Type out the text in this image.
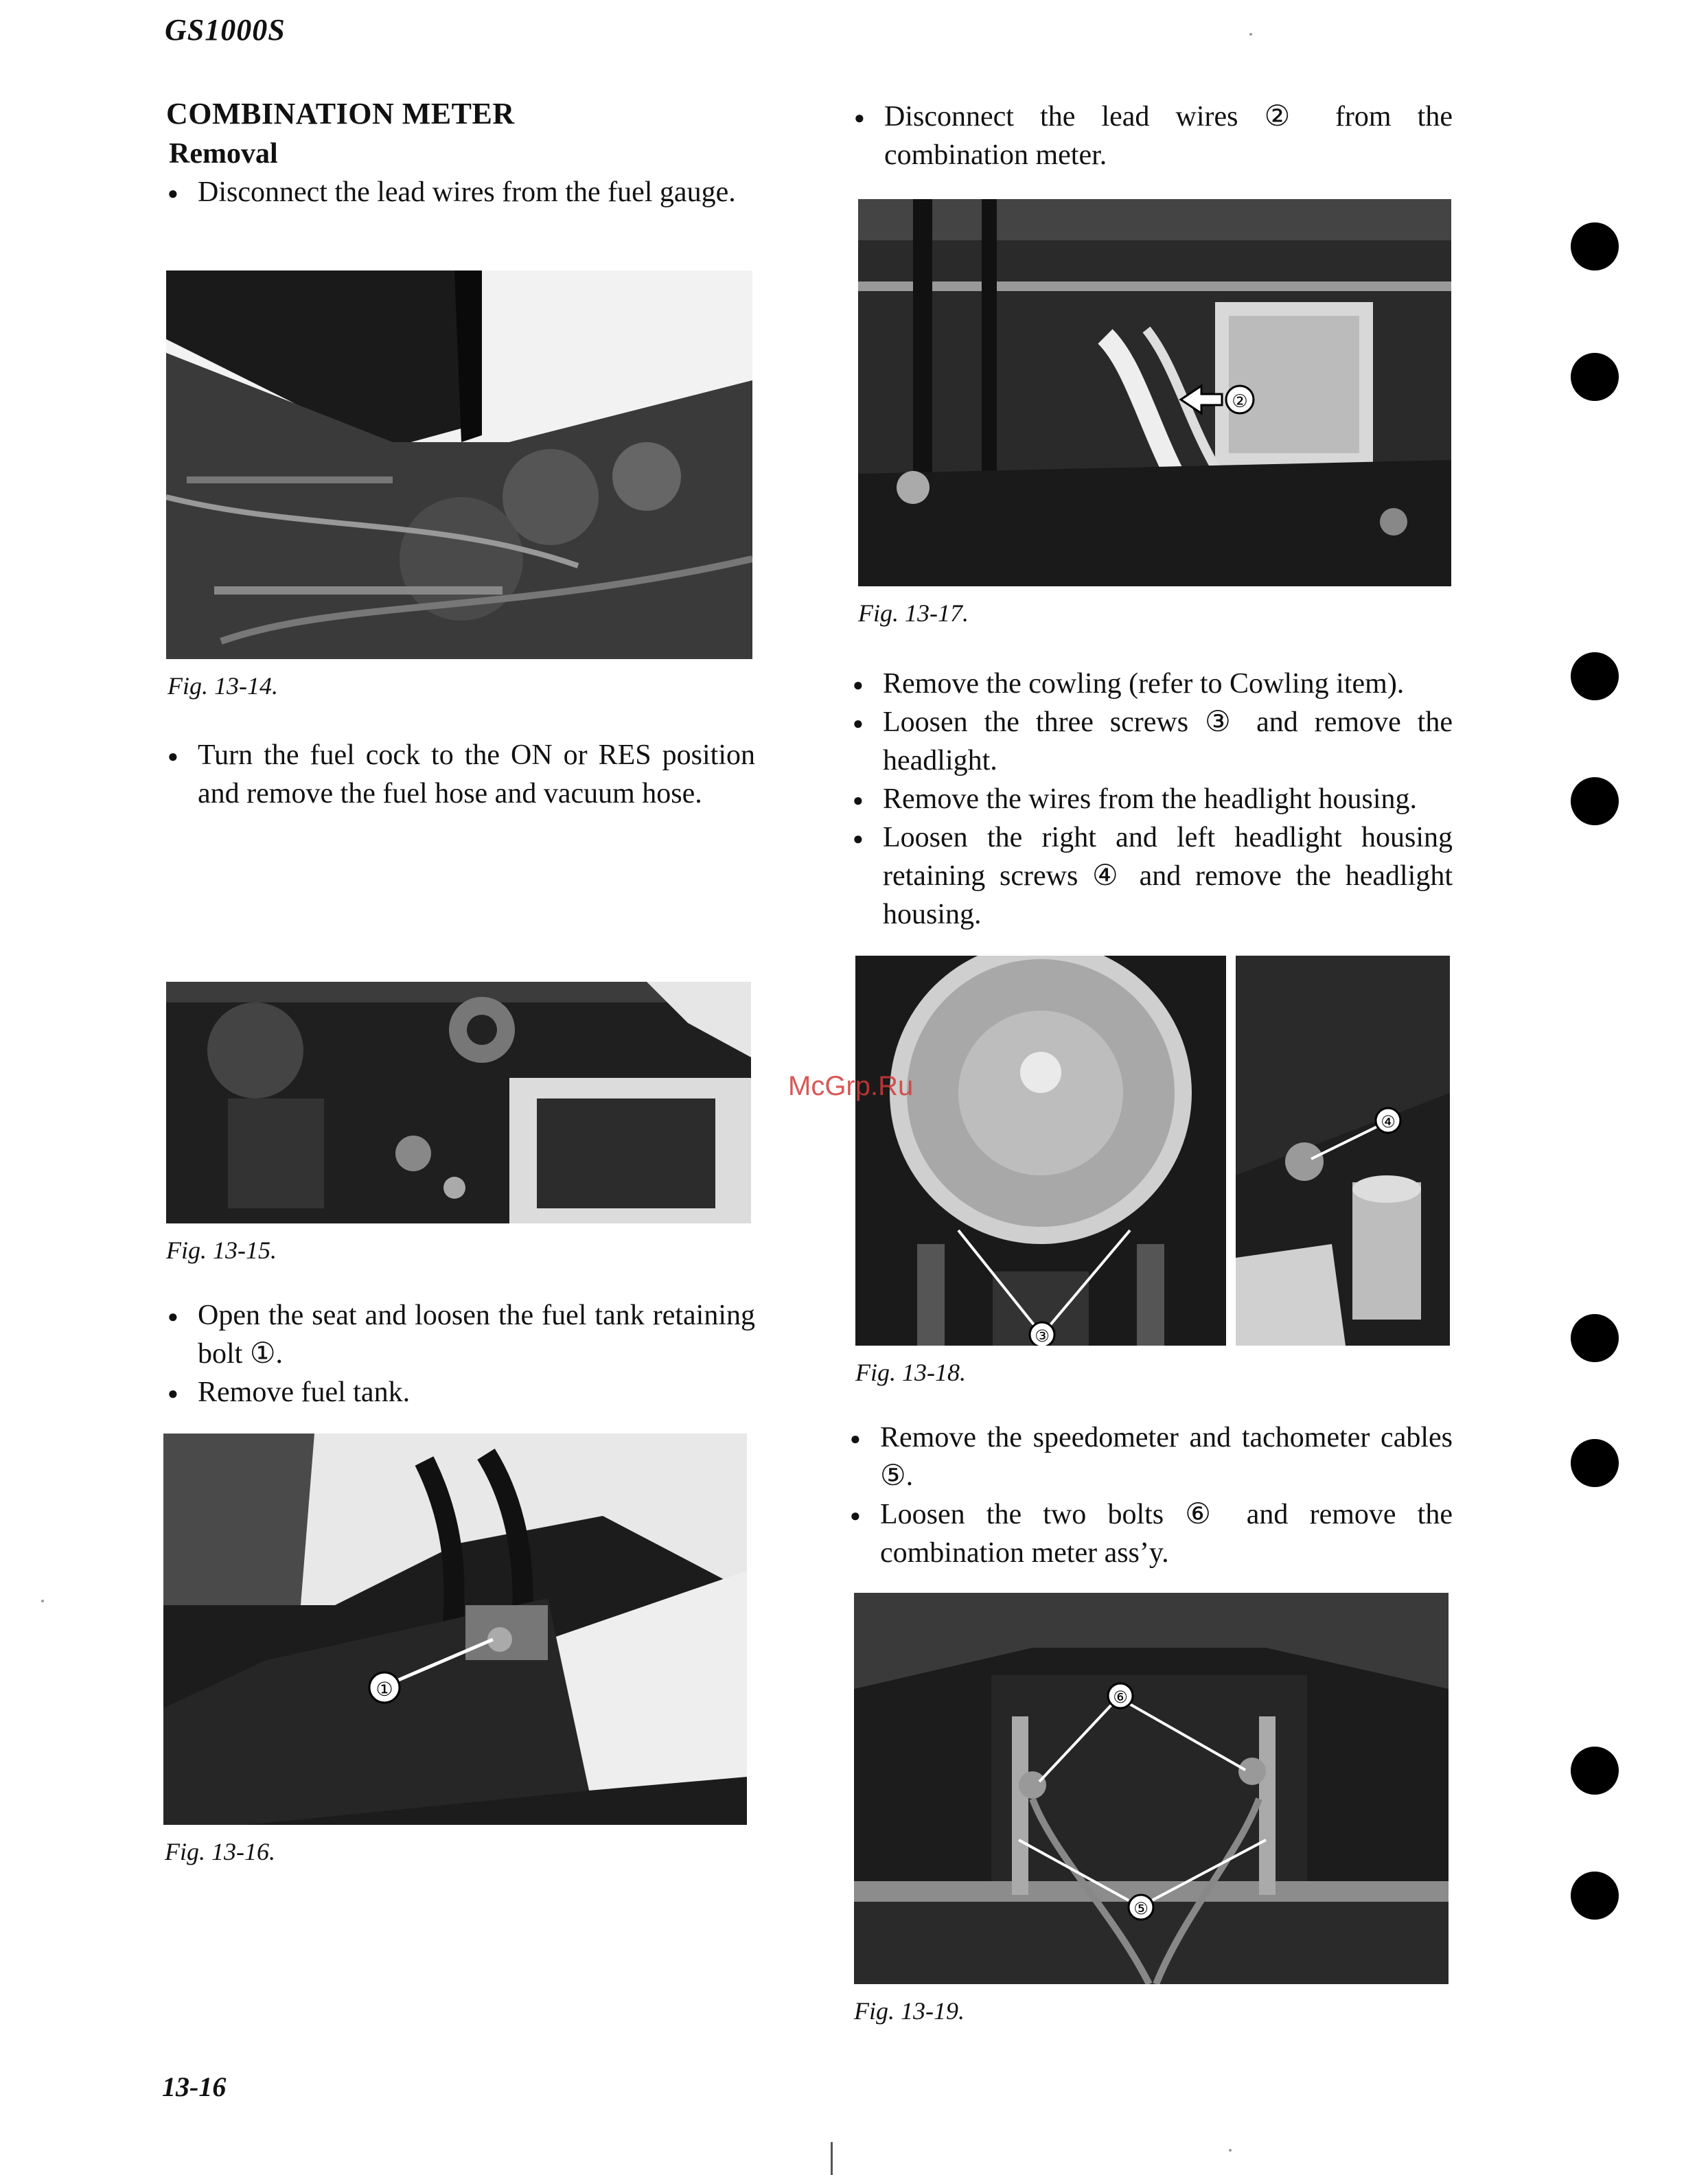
GS1000S
COMBINATION METER
Removal
● Disconnect the lead wires from the fuel gauge.
Fig. 13-14.
● Turn the fuel cock to the ON or RES position and remove the fuel hose and vacuum hose.
Fig. 13-15.
● Open the seat and loosen the fuel tank retaining bolt ①.
● Remove fuel tank.
①
Fig. 13-16.
● Disconnect the lead wires ② from the combination meter.
②
Fig. 13-17.
● Remove the cowling (refer to Cowling item).
● Loosen the three screws ③ and remove the headlight.
● Remove the wires from the headlight housing.
● Loosen the right and left headlight housing retaining screws ④ and remove the headlight housing.
③
④
Fig. 13-18.
● Remove the speedometer and tachometer cables ⑤.
● Loosen the two bolts ⑥ and remove the combination meter ass’y.
⑥
⑤
Fig. 13-19.
McGrp.Ru
13-16
